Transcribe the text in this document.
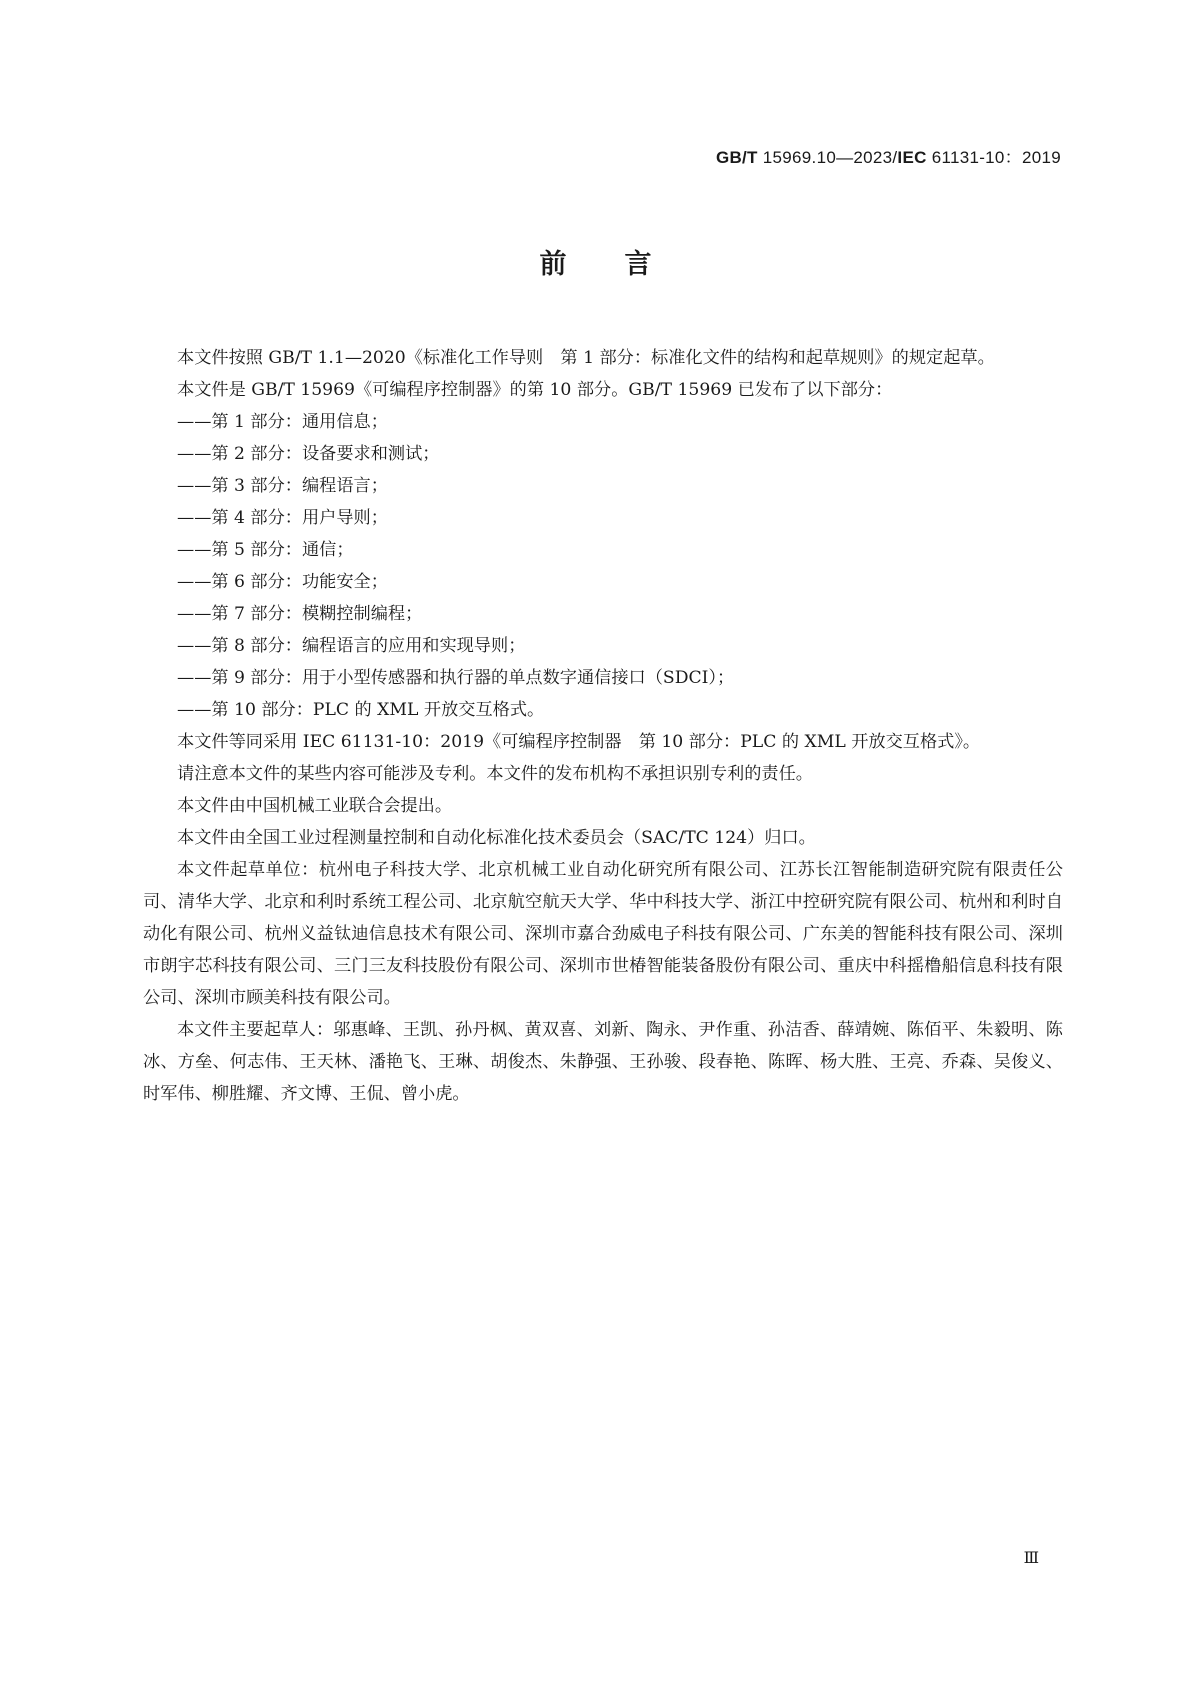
GB/T 15969.10—2023/IEC 61131-10：2019
前言

本文件按照 GB/T 1.1—2020《标准化工作导则　第 1 部分：标准化文件的结构和起草规则》的规定起草。

本文件是 GB/T 15969《可编程序控制器》的第 10 部分。GB/T 15969 已发布了以下部分：

——第 1 部分：通用信息；
——第 2 部分：设备要求和测试；
——第 3 部分：编程语言；
——第 4 部分：用户导则；
——第 5 部分：通信；
——第 6 部分：功能安全；
——第 7 部分：模糊控制编程；
——第 8 部分：编程语言的应用和实现导则；
——第 9 部分：用于小型传感器和执行器的单点数字通信接口（SDCI）；
——第 10 部分：PLC 的 XML 开放交互格式。

本文件等同采用 IEC 61131-10：2019《可编程序控制器　第 10 部分：PLC 的 XML 开放交互格式》。

请注意本文件的某些内容可能涉及专利。本文件的发布机构不承担识别专利的责任。

本文件由中国机械工业联合会提出。

本文件由全国工业过程测量控制和自动化标准化技术委员会（SAC/TC 124）归口。

本文件起草单位：杭州电子科技大学、北京机械工业自动化研究所有限公司、江苏长江智能制造研究院有限责任公司、清华大学、北京和利时系统工程公司、北京航空航天大学、华中科技大学、浙江中控研究院有限公司、杭州和利时自动化有限公司、杭州义益钛迪信息技术有限公司、深圳市嘉合劲威电子科技有限公司、广东美的智能科技有限公司、深圳市朗宇芯科技有限公司、三门三友科技股份有限公司、深圳市世椿智能装备股份有限公司、重庆中科摇橹船信息科技有限公司、深圳市顾美科技有限公司。

本文件主要起草人：邬惠峰、王凯、孙丹枫、黄双喜、刘新、陶永、尹作重、孙洁香、薛靖婉、陈佰平、朱毅明、陈冰、方垒、何志伟、王天林、潘艳飞、王琳、胡俊杰、朱静强、王孙骏、段春艳、陈晖、杨大胜、王亮、乔森、吴俊义、时军伟、柳胜耀、齐文博、王侃、曾小虎。

Ⅲ
